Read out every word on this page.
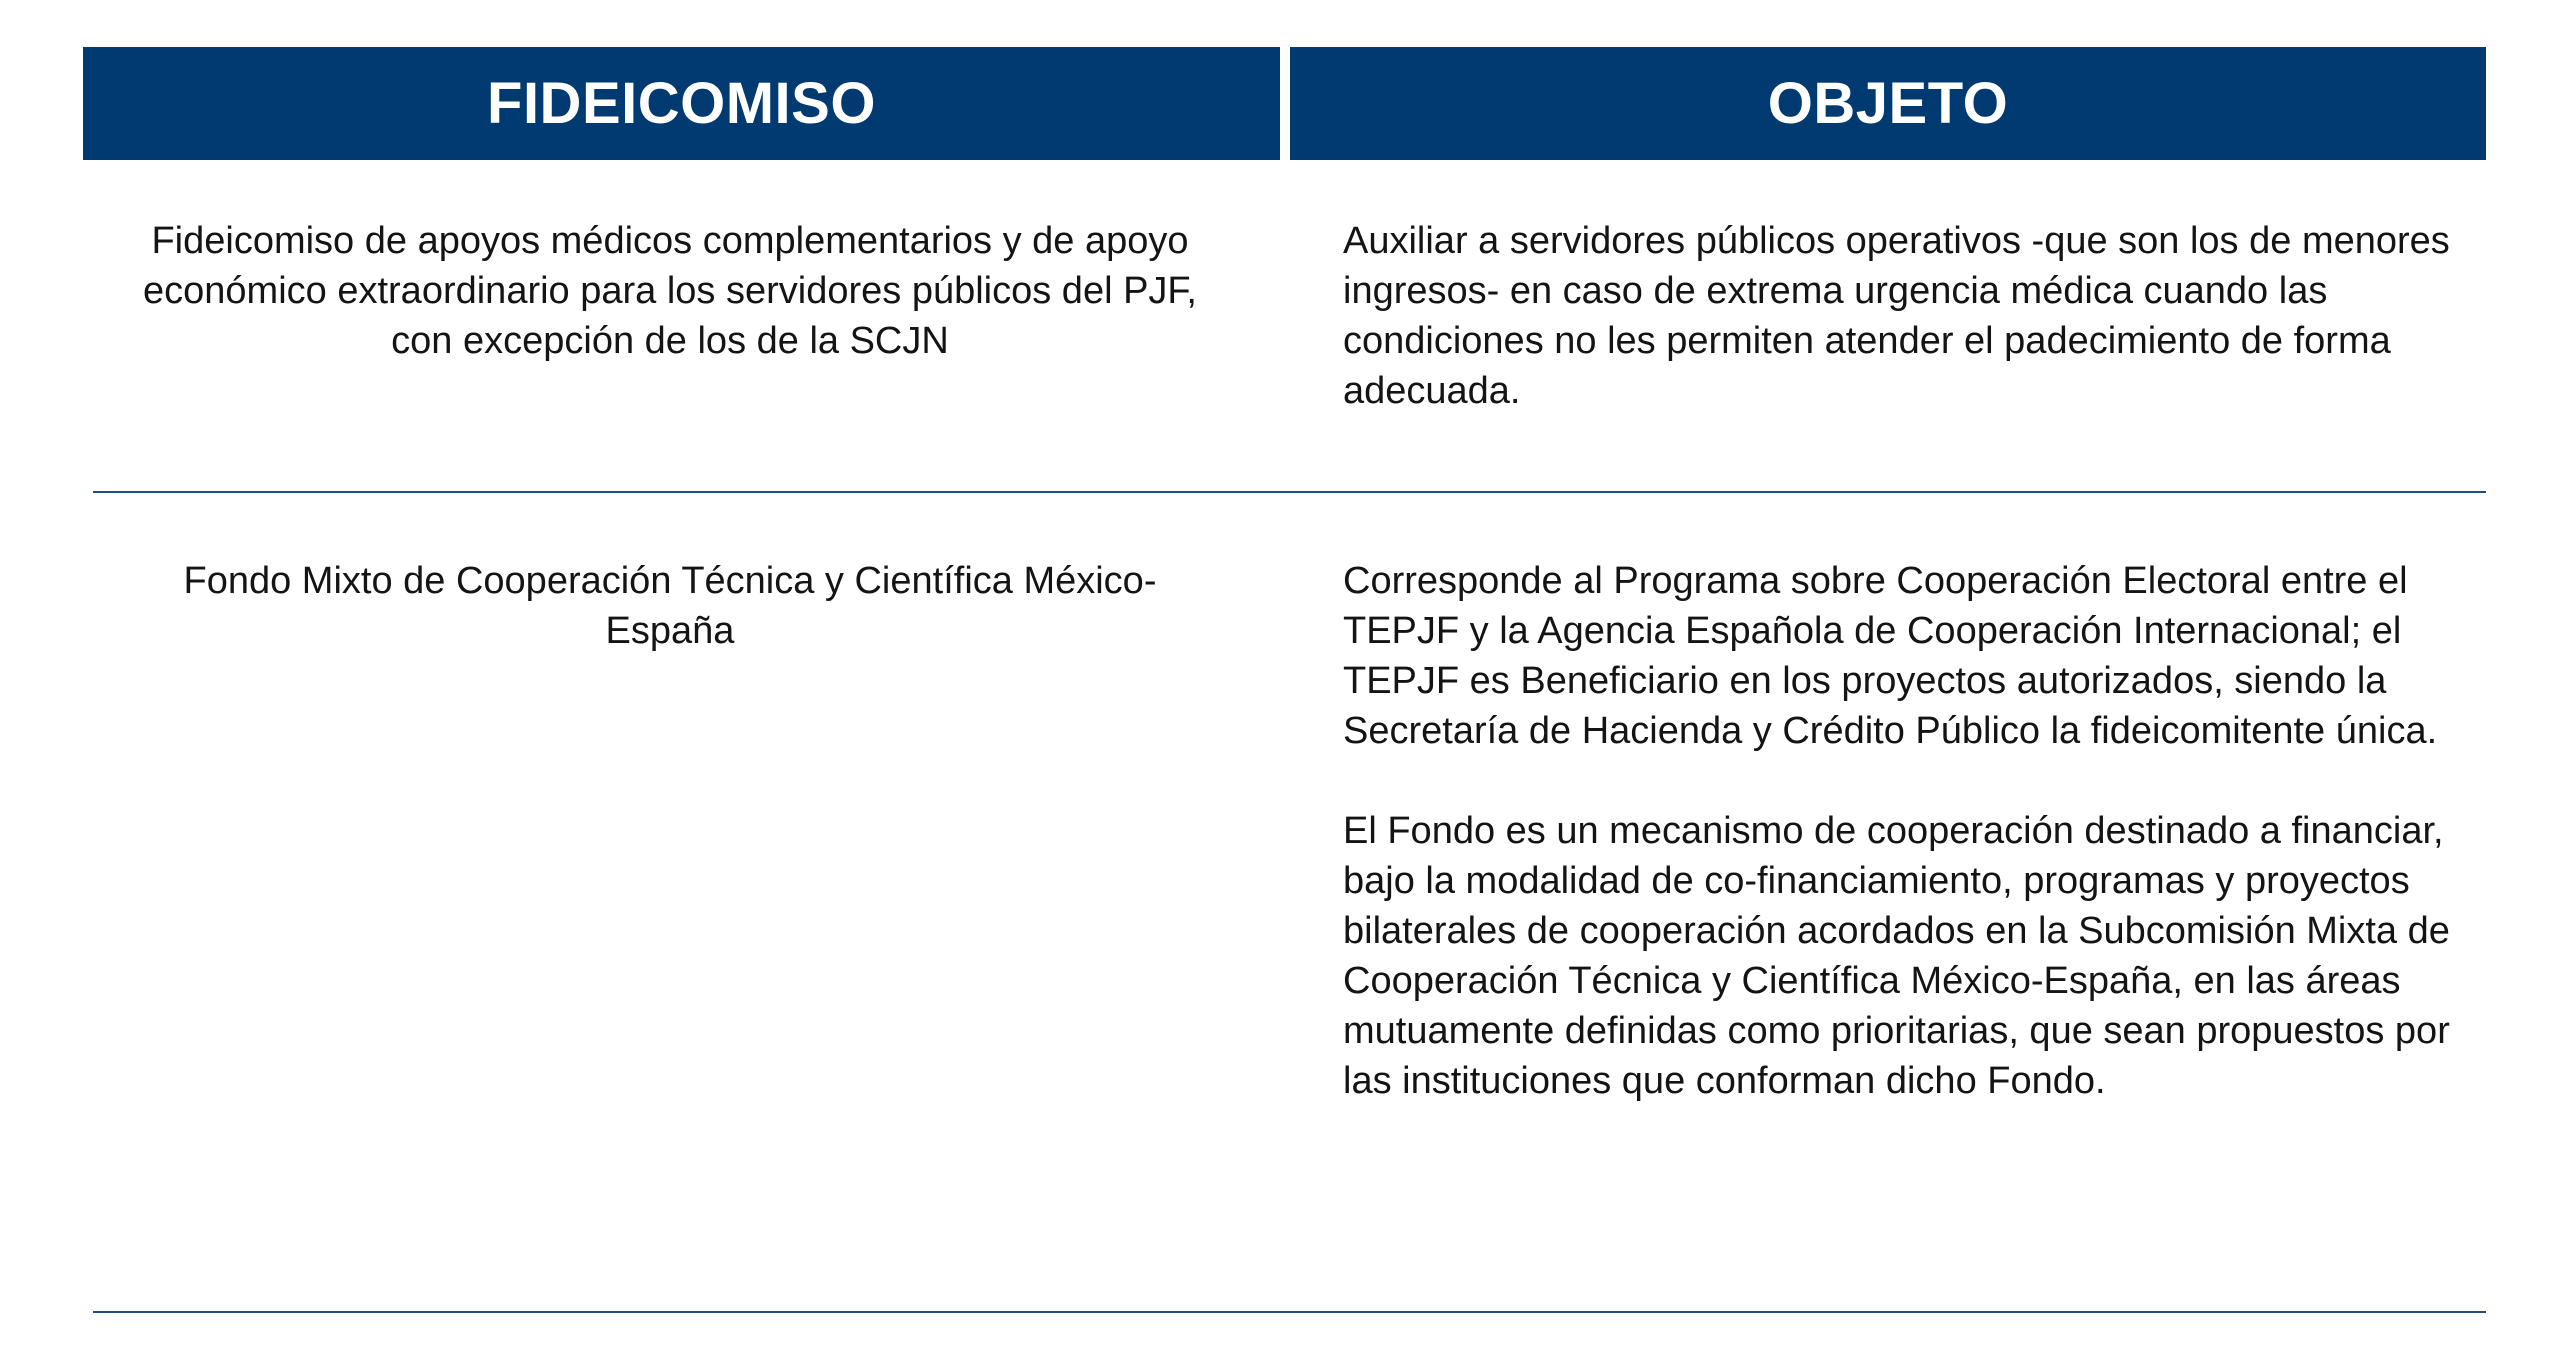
FIDEICOMISO	OBJETO

Fideicomiso de apoyos médicos complementarios y de apoyo económico extraordinario para los servidores públicos del PJF, con excepción de los de la SCJN

Auxiliar a servidores públicos operativos -que son los de menores ingresos- en caso de extrema urgencia médica cuando las condiciones no les permiten atender el padecimiento de forma adecuada.

Fondo Mixto de Cooperación Técnica y Científica México-España

Corresponde al Programa sobre Cooperación Electoral entre el TEPJF y la Agencia Española de Cooperación Internacional; el TEPJF es Beneficiario en los proyectos autorizados, siendo la Secretaría de Hacienda y Crédito Público la fideicomitente única.

El Fondo es un mecanismo de cooperación destinado a financiar, bajo la modalidad de co-financiamiento, programas y proyectos bilaterales de cooperación acordados en la Subcomisión Mixta de Cooperación Técnica y Científica México-España, en las áreas mutuamente definidas como prioritarias, que sean propuestos por las instituciones que conforman dicho Fondo.
